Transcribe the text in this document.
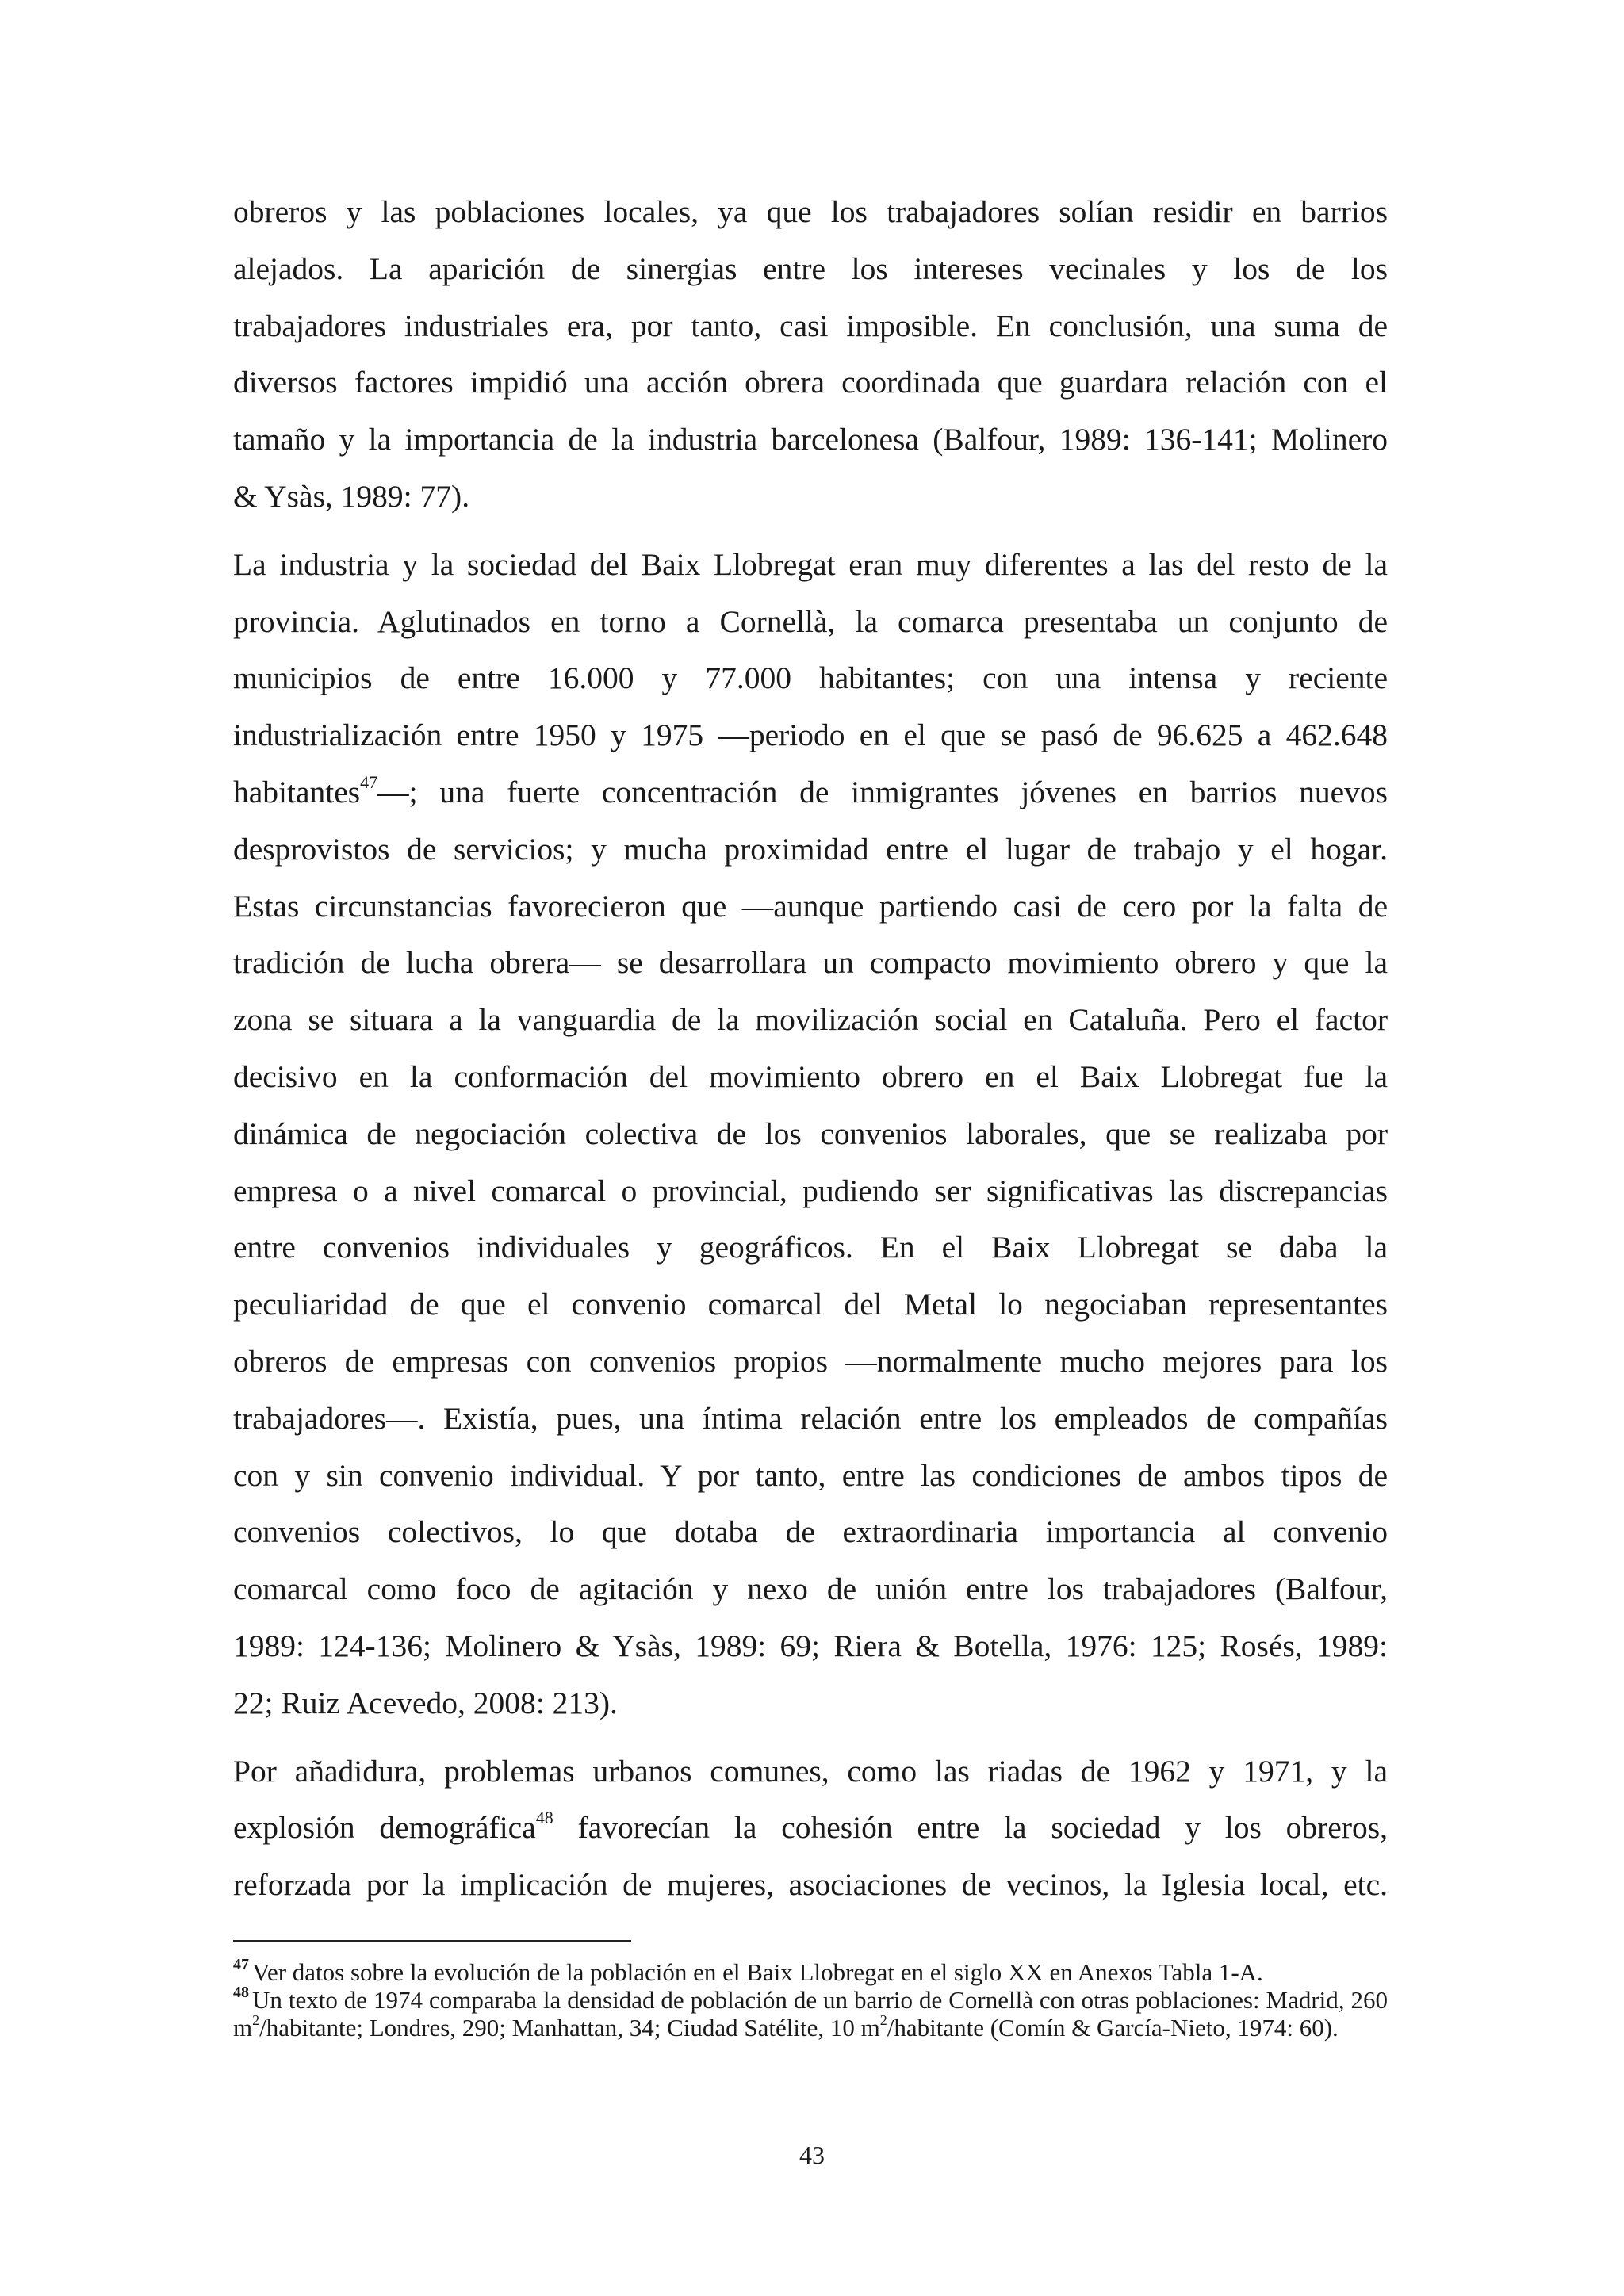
obreros y las poblaciones locales, ya que los trabajadores solían residir en barrios
alejados. La aparición de sinergias entre los intereses vecinales y los de los
trabajadores industriales era, por tanto, casi imposible. En conclusión, una suma de
diversos factores impidió una acción obrera coordinada que guardara relación con el
tamaño y la importancia de la industria barcelonesa (Balfour, 1989: 136-141; Molinero
& Ysàs, 1989: 77).

La industria y la sociedad del Baix Llobregat eran muy diferentes a las del resto de la
provincia. Aglutinados en torno a Cornellà, la comarca presentaba un conjunto de
municipios de entre 16.000 y 77.000 habitantes; con una intensa y reciente
industrialización entre 1950 y 1975 —periodo en el que se pasó de 96.625 a 462.648
habitantes$^{47}$—; una fuerte concentración de inmigrantes jóvenes en barrios nuevos
desprovistos de servicios; y mucha proximidad entre el lugar de trabajo y el hogar.
Estas circunstancias favorecieron que —aunque partiendo casi de cero por la falta de
tradición de lucha obrera— se desarrollara un compacto movimiento obrero y que la
zona se situara a la vanguardia de la movilización social en Cataluña. Pero el factor
decisivo en la conformación del movimiento obrero en el Baix Llobregat fue la
dinámica de negociación colectiva de los convenios laborales, que se realizaba por
empresa o a nivel comarcal o provincial, pudiendo ser significativas las discrepancias
entre convenios individuales y geográficos. En el Baix Llobregat se daba la
peculiaridad de que el convenio comarcal del Metal lo negociaban representantes
obreros de empresas con convenios propios —normalmente mucho mejores para los
trabajadores—. Existía, pues, una íntima relación entre los empleados de compañías
con y sin convenio individual. Y por tanto, entre las condiciones de ambos tipos de
convenios colectivos, lo que dotaba de extraordinaria importancia al convenio
comarcal como foco de agitación y nexo de unión entre los trabajadores (Balfour,
1989: 124-136; Molinero & Ysàs, 1989: 69; Riera & Botella, 1976: 125; Rosés, 1989:
22; Ruiz Acevedo, 2008: 213).

Por añadidura, problemas urbanos comunes, como las riadas de 1962 y 1971, y la
explosión demográfica$^{48}$ favorecían la cohesión entre la sociedad y los obreros,
reforzada por la implicación de mujeres, asociaciones de vecinos, la Iglesia local, etc.

$^{47}$ Ver datos sobre la evolución de la población en el Baix Llobregat en el siglo XX en Anexos Tabla 1-A.

$^{48}$ Un texto de 1974 comparaba la densidad de población de un barrio de Cornellà con otras poblaciones: Madrid, 260 $m^2$/habitante; Londres, 290; Manhattan, 34; Ciudad Satélite, 10 $m^2$/habitante (Comín & García-Nieto, 1974: 60).

43
